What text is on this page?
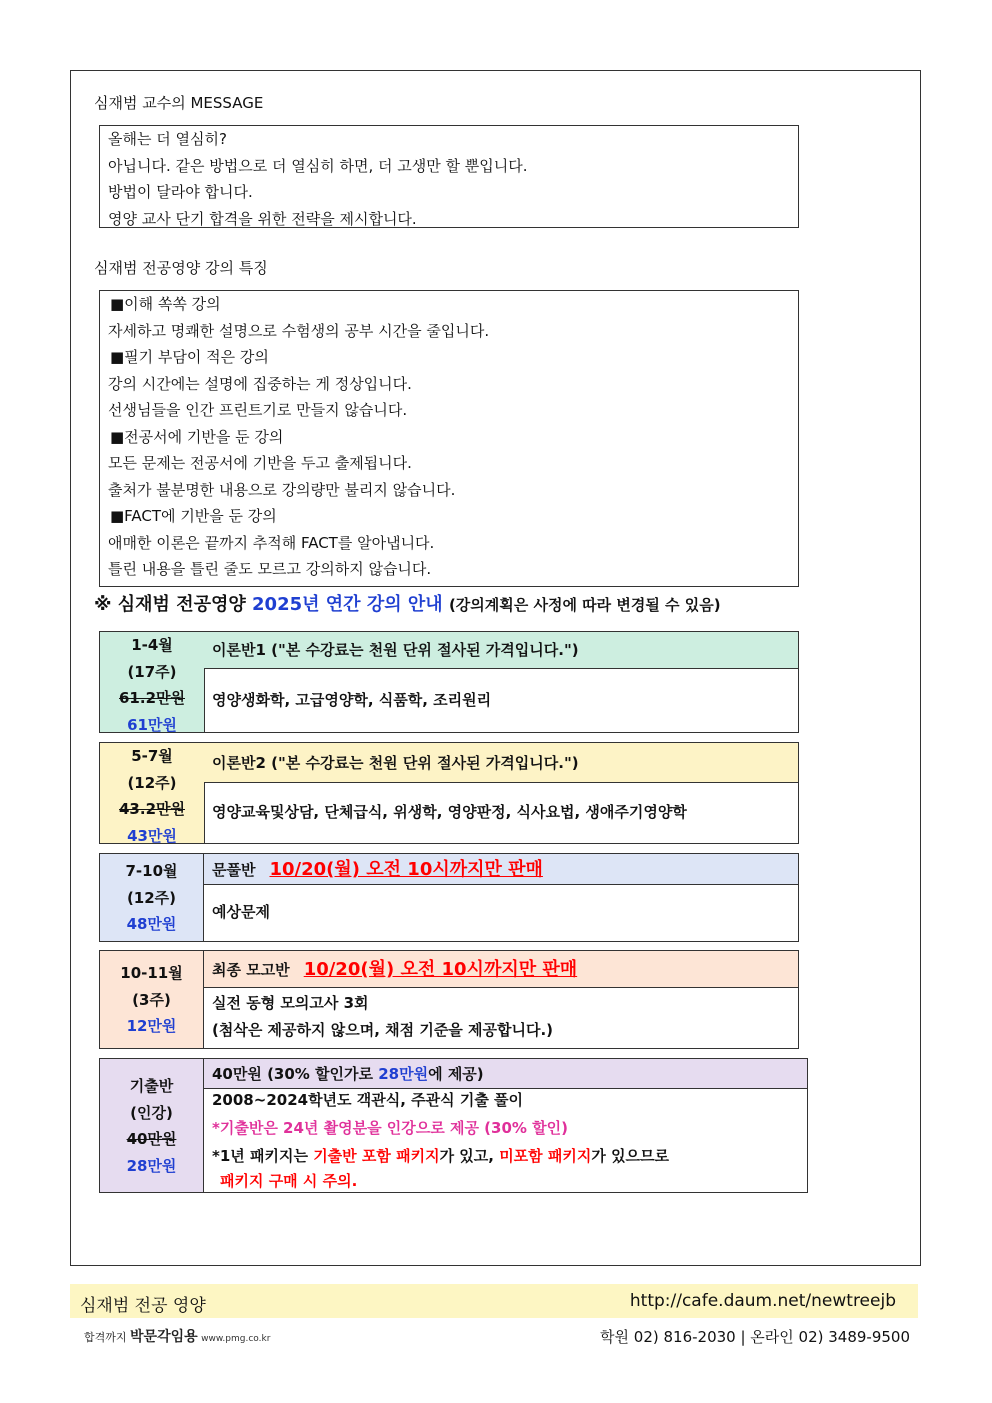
심재범 교수의 MESSAGE
올해는 더 열심히?
아닙니다. 같은 방법으로 더 열심히 하면, 더 고생만 할 뿐입니다.
방법이 달라야 합니다.
영양 교사 단기 합격을 위한 전략을 제시합니다.
심재범 전공영양 강의 특징
■이해 쏙쏙 강의
자세하고 명쾌한 설명으로 수험생의 공부 시간을 줄입니다.
■필기 부담이 적은 강의
강의 시간에는 설명에 집중하는 게 정상입니다.
선생님들을 인간 프린트기로 만들지 않습니다.
■전공서에 기반을 둔 강의
모든 문제는 전공서에 기반을 두고 출제됩니다.
출처가 불분명한 내용으로 강의량만 불리지 않습니다.
■FACT에 기반을 둔 강의
애매한 이론은 끝까지 추적해 FACT를 알아냅니다.
틀린 내용을 틀린 줄도 모르고 강의하지 않습니다.
※ 심재범 전공영양 2025년 연간 강의 안내 (강의계획은 사정에 따라 변경될 수 있음)
1-4월
(17주)
61.2만원
61만원
이론반1 ("본 수강료는 천원 단위 절사된 가격입니다.")
영양생화학, 고급영양학, 식품학, 조리원리
5-7월
(12주)
43.2만원
43만원
이론반2 ("본 수강료는 천원 단위 절사된 가격입니다.")
영양교육및상담, 단체급식, 위생학, 영양판정, 식사요법, 생애주기영양학
7-10월
(12주)
48만원
문풀반 10/20(월) 오전 10시까지만 판매
예상문제
10-11월
(3주)
12만원
최종 모고반 10/20(월) 오전 10시까지만 판매
실전 동형 모의고사 3회
(첨삭은 제공하지 않으며, 채점 기준을 제공합니다.)
기출반
(인강)
40만원
28만원
40만원 (30% 할인가로 28만원에 제공)
2008~2024학년도 객관식, 주관식 기출 풀이
*기출반은 24년 촬영분을 인강으로 제공 (30% 할인)
*1년 패키지는 기출반 포함 패키지가 있고, 미포함 패키지가 있으므로
패키지 구매 시 주의.
심재범 전공 영양	http://cafe.daum.net/newtreejb
합격까지 박문각임용 www.pmg.co.kr	학원 02) 816-2030 | 온라인 02) 3489-9500
